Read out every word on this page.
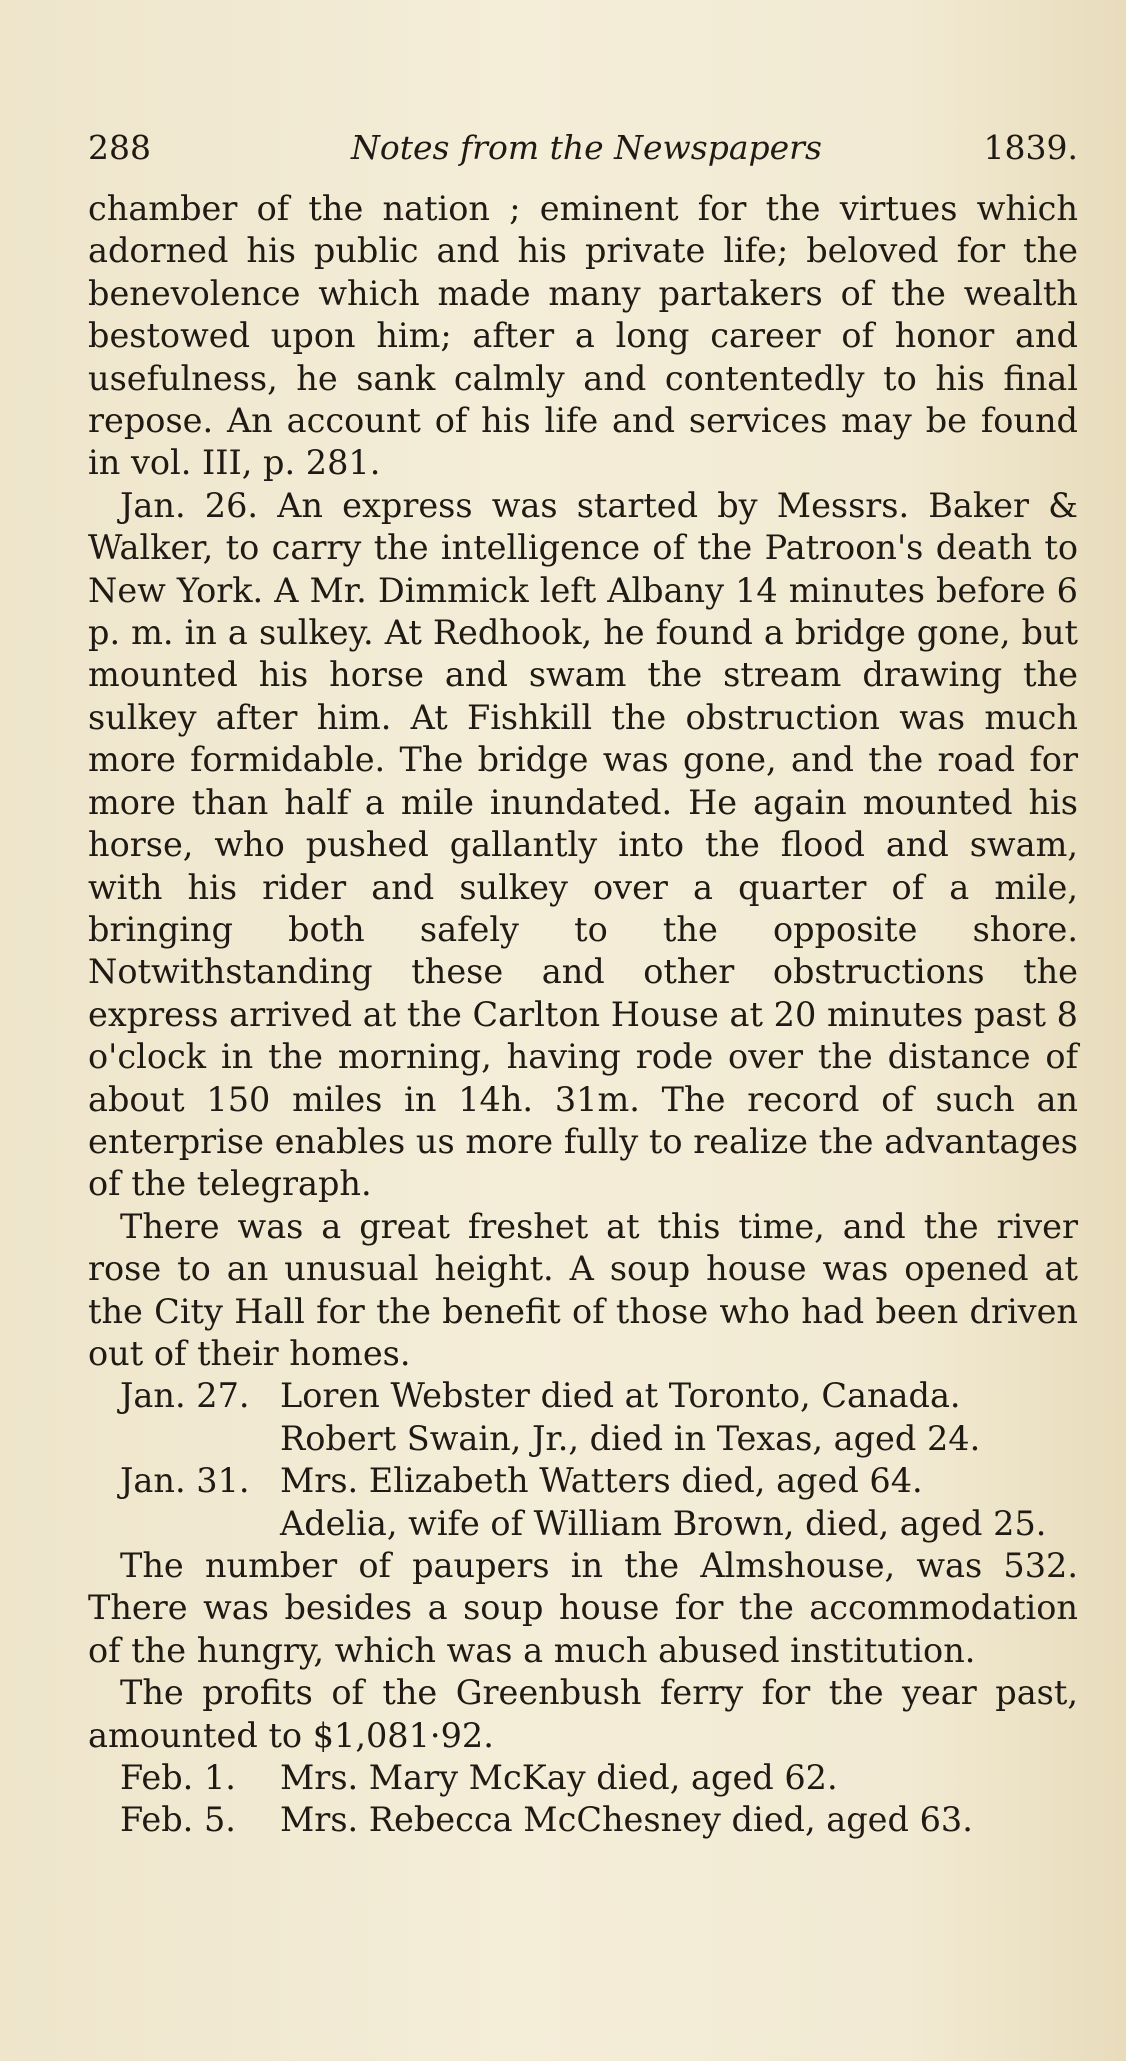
288	Notes from the Newspapers	1839.

chamber of the nation ; eminent for the virtues which adorned his public and his private life; beloved for the benevolence which made many partakers of the wealth bestowed upon him; after a long career of honor and usefulness, he sank calmly and contentedly to his final repose. An account of his life and services may be found in vol. III, p. 281.

Jan. 26. An express was started by Messrs. Baker & Walker, to carry the intelligence of the Patroon's death to New York. A Mr. Dimmick left Albany 14 minutes before 6 p. m. in a sulkey. At Redhook, he found a bridge gone, but mounted his horse and swam the stream drawing the sulkey after him. At Fishkill the obstruction was much more formidable. The bridge was gone, and the road for more than half a mile inundated. He again mounted his horse, who pushed gallantly into the flood and swam, with his rider and sulkey over a quarter of a mile, bringing both safely to the opposite shore. Notwithstanding these and other obstructions the express arrived at the Carlton House at 20 minutes past 8 o'clock in the morning, having rode over the distance of about 150 miles in 14h. 31m. The record of such an enterprise enables us more fully to realize the advantages of the telegraph.

There was a great freshet at this time, and the river rose to an unusual height. A soup house was opened at the City Hall for the benefit of those who had been driven out of their homes.

Jan. 27. Loren Webster died at Toronto, Canada.

Robert Swain, Jr., died in Texas, aged 24.

Jan. 31. Mrs. Elizabeth Watters died, aged 64.

Adelia, wife of William Brown, died, aged 25.

The number of paupers in the Almshouse, was 532. There was besides a soup house for the accommodation of the hungry, which was a much abused institution.

The profits of the Greenbush ferry for the year past, amounted to $1,081·92.

Feb. 1. Mrs. Mary McKay died, aged 62.

Feb. 5. Mrs. Rebecca McChesney died, aged 63.
